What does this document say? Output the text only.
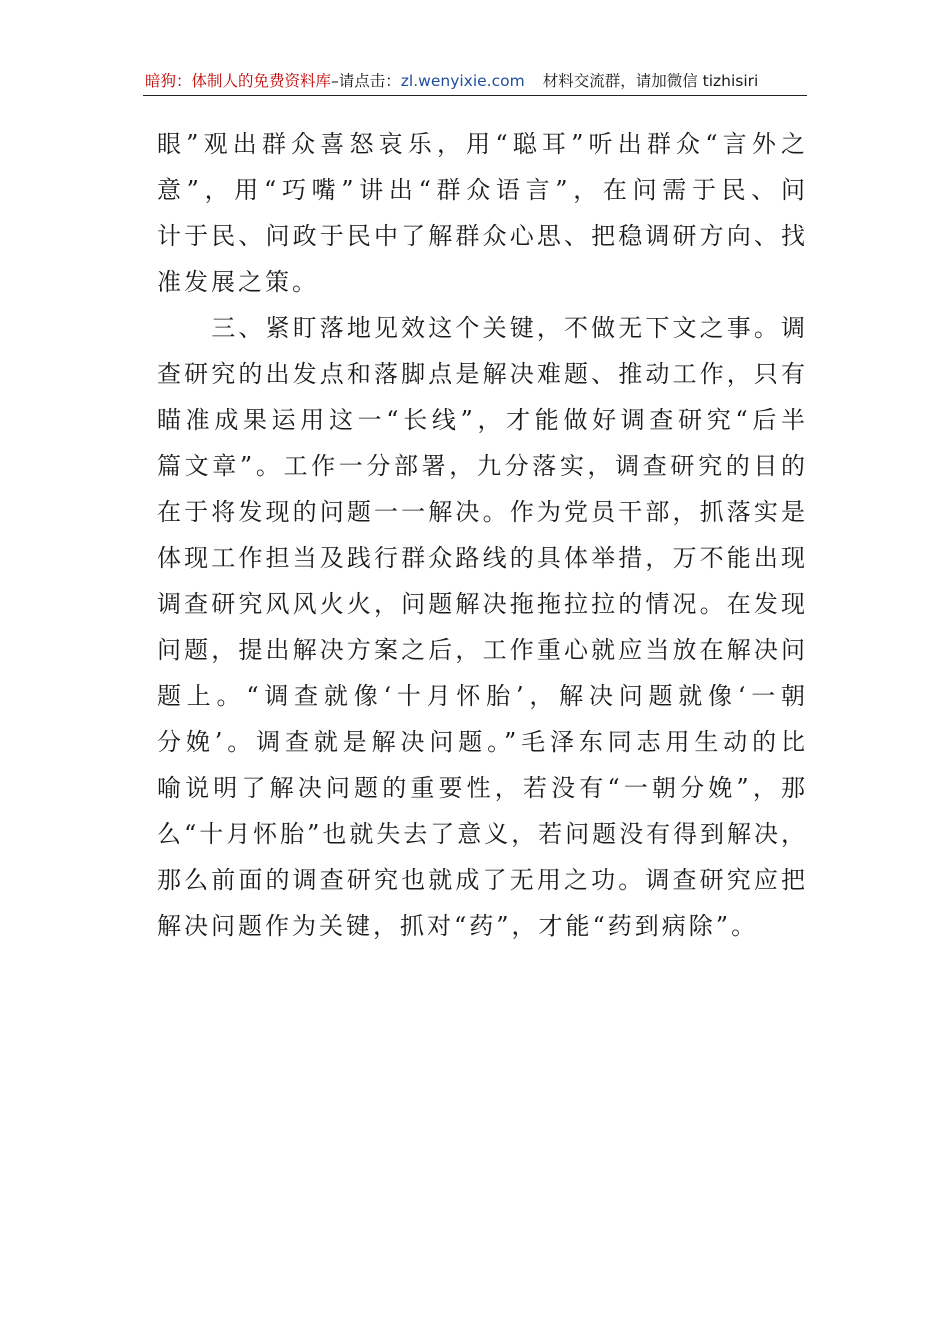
暗狗：体制人的免费资料库–请点击：zl.wenyixie.com 材料交流群，请加微信 tizhisiri
眼”观出群众喜怒哀乐，用“聪耳”听出群众“言外之
意”，用“巧嘴”讲出“群众语言”，在问需于民、问
计于民、问政于民中了解群众心思、把稳调研方向、找
准发展之策。
　　三、紧盯落地见效这个关键，不做无下文之事。调
查研究的出发点和落脚点是解决难题、推动工作，只有
瞄准成果运用这一“长线”，才能做好调查研究“后半
篇文章”。工作一分部署，九分落实，调查研究的目的
在于将发现的问题一一解决。作为党员干部，抓落实是
体现工作担当及践行群众路线的具体举措，万不能出现
调查研究风风火火，问题解决拖拖拉拉的情况。在发现
问题，提出解决方案之后，工作重心就应当放在解决问
题上。“调查就像‘十月怀胎’，解决问题就像‘一朝
分娩’。调查就是解决问题。”毛泽东同志用生动的比
喻说明了解决问题的重要性，若没有“一朝分娩”，那
么“十月怀胎”也就失去了意义，若问题没有得到解决，
那么前面的调查研究也就成了无用之功。调查研究应把
解决问题作为关键，抓对“药”，才能“药到病除”。
